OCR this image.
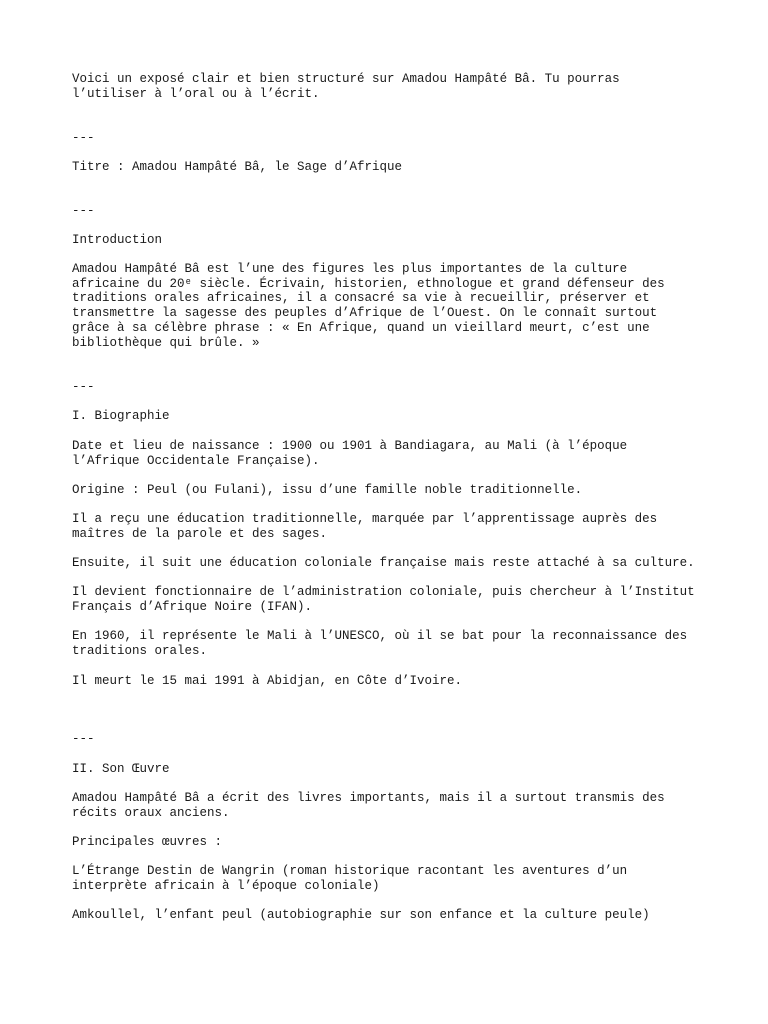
Voici un exposé clair et bien structuré sur Amadou Hampâté Bâ. Tu pourras
l’utiliser à l’oral ou à l’écrit.

---

Titre : Amadou Hampâté Bâ, le Sage d’Afrique

---

Introduction

Amadou Hampâté Bâ est l’une des figures les plus importantes de la culture
africaine du 20ᵉ siècle. Écrivain, historien, ethnologue et grand défenseur des
traditions orales africaines, il a consacré sa vie à recueillir, préserver et
transmettre la sagesse des peuples d’Afrique de l’Ouest. On le connaît surtout
grâce à sa célèbre phrase : « En Afrique, quand un vieillard meurt, c’est une
bibliothèque qui brûle. »

---

I. Biographie

Date et lieu de naissance : 1900 ou 1901 à Bandiagara, au Mali (à l’époque
l’Afrique Occidentale Française).

Origine : Peul (ou Fulani), issu d’une famille noble traditionnelle.

Il a reçu une éducation traditionnelle, marquée par l’apprentissage auprès des
maîtres de la parole et des sages.

Ensuite, il suit une éducation coloniale française mais reste attaché à sa culture.

Il devient fonctionnaire de l’administration coloniale, puis chercheur à l’Institut
Français d’Afrique Noire (IFAN).

En 1960, il représente le Mali à l’UNESCO, où il se bat pour la reconnaissance des
traditions orales.

Il meurt le 15 mai 1991 à Abidjan, en Côte d’Ivoire.

---

II. Son Œuvre

Amadou Hampâté Bâ a écrit des livres importants, mais il a surtout transmis des
récits oraux anciens.

Principales œuvres :

L’Étrange Destin de Wangrin (roman historique racontant les aventures d’un
interprète africain à l’époque coloniale)

Amkoullel, l’enfant peul (autobiographie sur son enfance et la culture peule)
